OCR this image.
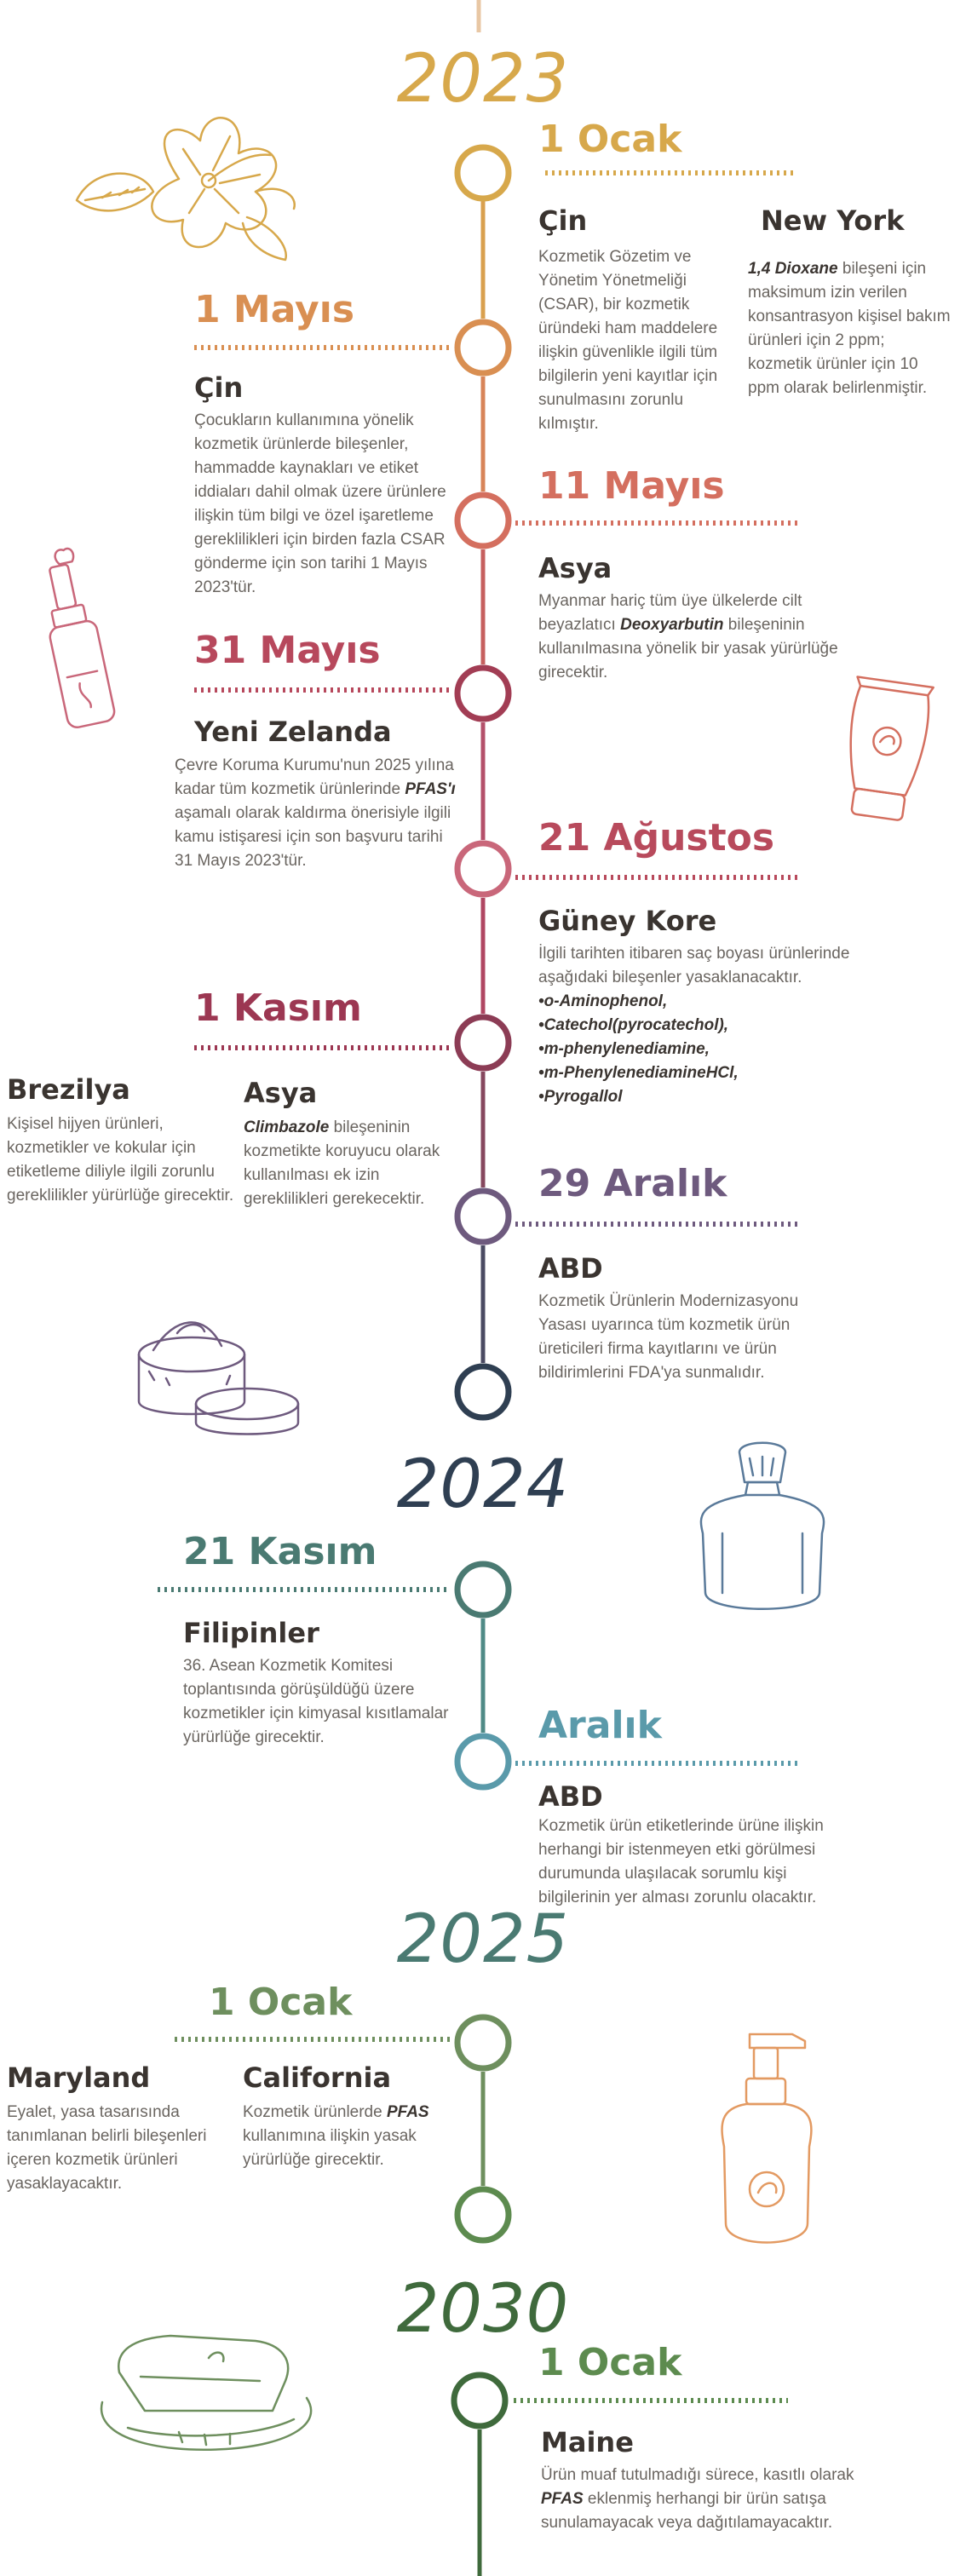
2023
2024
2025
2030
1 Ocak
Çin
Kozmetik Gözetim ve Yönetim Yönetmeliği (CSAR), bir kozmetik üründeki ham maddelere ilişkin güvenlikle ilgili tüm bilgilerin yeni kayıtlar için sunulmasını zorunlu kılmıştır.
New York
1,4 Dioxane bileşeni için maksimum izin verilen konsantrasyon kişisel bakım ürünleri için 2 ppm; kozmetik ürünler için 10 ppm olarak belirlenmiştir.
1 Mayıs
Çin
Çocukların kullanımına yönelik kozmetik ürünlerde bileşenler, hammadde kaynakları ve etiket iddiaları dahil olmak üzere ürünlere ilişkin tüm bilgi ve özel işaretleme gereklilikleri için birden fazla CSAR gönderme için son tarihi 1 Mayıs 2023'tür.
11 Mayıs
Asya
Myanmar hariç tüm üye ülkelerde cilt beyazlatıcı Deoxyarbutin bileşeninin kullanılmasına yönelik bir yasak yürürlüğe girecektir.
31 Mayıs
Yeni Zelanda
Çevre Koruma Kurumu'nun 2025 yılına kadar tüm kozmetik ürünlerinde PFAS'ı aşamalı olarak kaldırma önerisiyle ilgili kamu istişaresi için son başvuru tarihi 31 Mayıs 2023'tür.
21 Ağustos
Güney Kore
İlgili tarihten itibaren saç boyası ürünlerinde aşağıdaki bileşenler yasaklanacaktır.
•o-Aminophenol,
•Catechol(pyrocatechol),
•m-phenylenediamine,
•m-PhenylenediamineHCl,
•Pyrogallol
1 Kasım
Brezilya
Kişisel hijyen ürünleri, kozmetikler ve kokular için etiketleme diliyle ilgili zorunlu gereklilikler yürürlüğe girecektir.
Asya
Climbazole bileşeninin kozmetikte koruyucu olarak kullanılması ek izin gereklilikleri gerekecektir.	29 Aralık
ABD
Kozmetik Ürünlerin Modernizasyonu Yasası uyarınca tüm kozmetik ürün üreticileri firma kayıtlarını ve ürün bildirimlerini FDA'ya sunmalıdır.
21 Kasım
Filipinler
36. Asean Kozmetik Komitesi toplantısında görüşüldüğü üzere kozmetikler için kimyasal kısıtlamalar yürürlüğe girecektir.	Aralık
ABD
Kozmetik ürün etiketlerinde ürüne ilişkin herhangi bir istenmeyen etki görülmesi durumunda ulaşılacak sorumlu kişi bilgilerinin yer alması zorunlu olacaktır.
1 Ocak
Maryland
Eyalet, yasa tasarısında tanımlanan belirli bileşenleri içeren kozmetik ürünleri yasaklayacaktır.
California
Kozmetik ürünlerde PFAS kullanımına ilişkin yasak yürürlüğe girecektir.
1 Ocak
Maine
Ürün muaf tutulmadığı sürece, kasıtlı olarak PFAS eklenmiş herhangi bir ürün satışa sunulamayacak veya dağıtılamayacaktır.
